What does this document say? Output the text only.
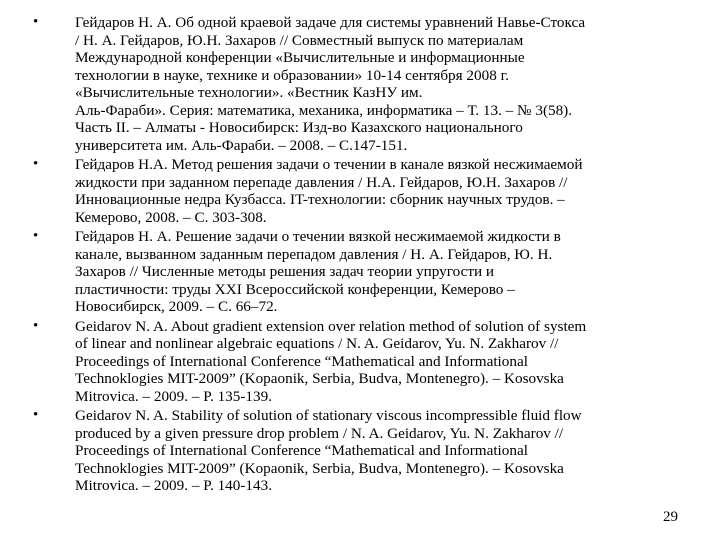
• Гейдаров Н. А. Об одной краевой задаче для системы уравнений Навье-Стокса
/ Н. А. Гейдаров, Ю.Н. Захаров // Совместный выпуск по материалам
Международной конференции «Вычислительные и информационные
технологии в науке, технике и образовании» 10-14 сентября 2008 г.
«Вычислительные технологии». «Вестник КазНУ им.
Аль-Фараби». Серия: математика, механика, информатика – Т. 13. – № 3(58).
Часть II. – Алматы - Новосибирск: Изд-во Казахского национального
университета им. Аль-Фараби. – 2008. – С.147-151.
• Гейдаров Н.А. Метод решения задачи о течении в канале вязкой несжимаемой
жидкости при заданном перепаде давления / Н.А. Гейдаров, Ю.Н. Захаров //
Инновационные недра Кузбасса. IT-технологии: сборник научных трудов. –
Кемерово, 2008. – С. 303-308.
• Гейдаров Н. А. Решение задачи о течении вязкой несжимаемой жидкости в
канале, вызванном заданным перепадом давления / Н. А. Гейдаров, Ю. Н.
Захаров // Численные методы решения задач теории упругости и
пластичности: труды XXI Всероссийской конференции, Кемерово –
Новосибирск, 2009. – С. 66–72.
• Geidarov N. A. About gradient extension over relation method of solution of system
of linear and nonlinear algebraic equations / N. A. Geidarov, Yu. N. Zakharov //
Proceedings of International Conference “Mathematical and Informational
Technoklogies MIT-2009” (Kopaonik, Serbia, Budva, Montenegro). – Kosovska
Mitrovica. – 2009. – P. 135-139.
• Geidarov N. A. Stability of solution of stationary viscous incompressible fluid flow
produced by a given pressure drop problem / N. A. Geidarov, Yu. N. Zakharov //
Proceedings of International Conference “Mathematical and Informational
Technoklogies MIT-2009” (Kopaonik, Serbia, Budva, Montenegro). – Kosovska
Mitrovica. – 2009. – P. 140-143.
29
